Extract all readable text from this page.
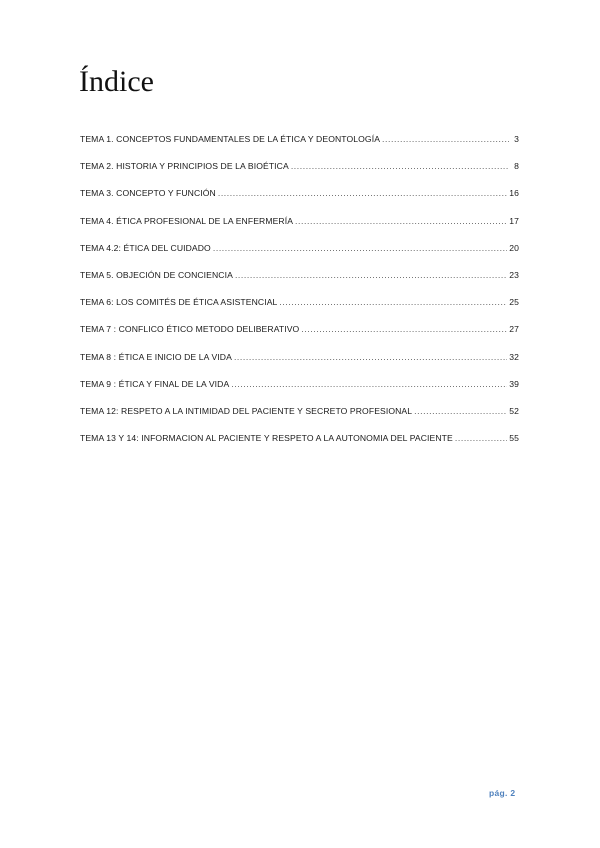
Índice
TEMA 1. CONCEPTOS FUNDAMENTALES DE LA ÉTICA Y DEONTOLOGÍA .....	3
TEMA 2. HISTORIA Y PRINCIPIOS DE LA BIOÉTICA .....	8
TEMA 3. CONCEPTO Y FUNCIÓN .....	16
TEMA 4. ÉTICA PROFESIONAL DE LA ENFERMERÍA .....	17
TEMA 4.2: ÉTICA DEL CUIDADO .....	20
TEMA 5. OBJECIÓN DE CONCIENCIA .....	23
TEMA 6: LOS COMITÉS DE ÉTICA ASISTENCIAL .....	25
TEMA 7 : CONFLICO ÉTICO METODO DELIBERATIVO .....	27
TEMA 8 : ÉTICA E INICIO DE LA VIDA .....	32
TEMA 9 : ÉTICA Y FINAL DE LA VIDA .....	39
TEMA 12: RESPETO A LA INTIMIDAD DEL PACIENTE Y SECRETO PROFESIONAL .....	52
TEMA 13 Y 14: INFORMACION AL PACIENTE Y RESPETO A LA AUTONOMIA DEL PACIENTE .....	55
pág. 2
